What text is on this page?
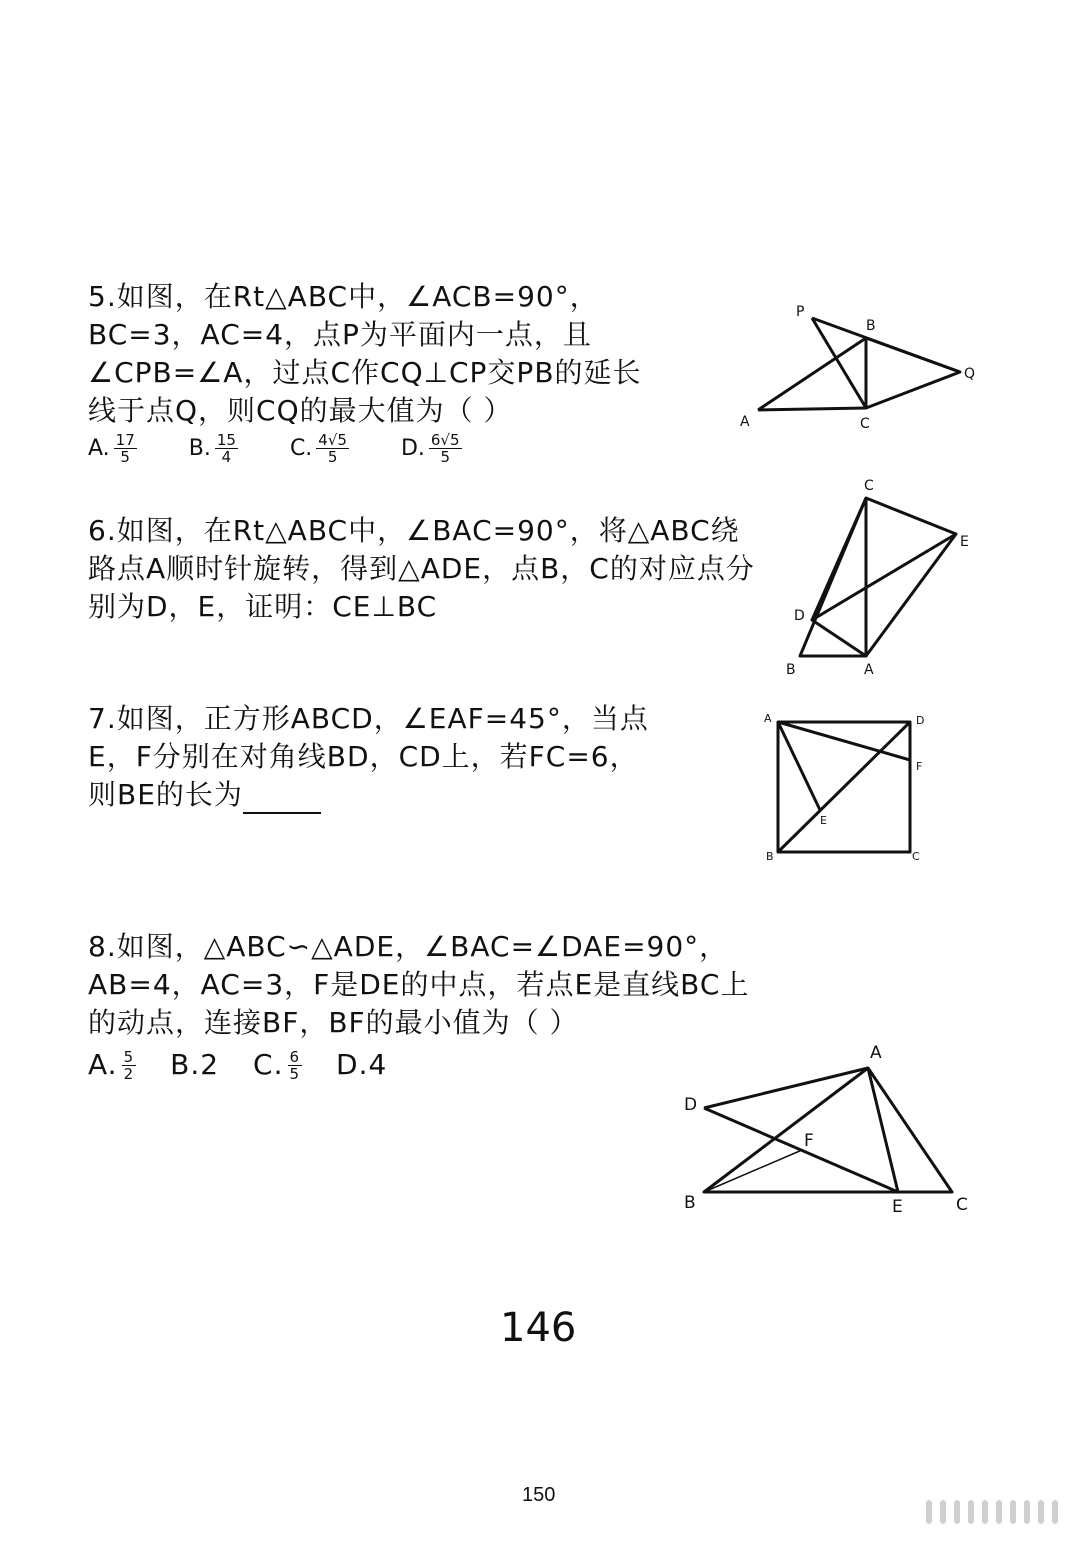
5.如图，在Rt△ABC中，∠ACB=90°，
BC=3，AC=4，点P为平面内一点，且
∠CPB=∠A，过点C作CQ⊥CP交PB的延长
线于点Q，则CQ的最大值为（ ）
A. $\frac{17}{5} B$. $\frac{15}{4} C$. $\frac{4√5}{5} D$. $\frac{6√5}{5}$
P
B
Q
A	C
6.如图，在Rt△ABC中，∠BAC=90°，将△ABC绕
路点A顺时针旋转，得到△ADE，点B，C的对应点分
别为D，E，证明：CE⊥BC
C
E
D
B	A
7.如图，正方形ABCD，∠EAF=45°，当点
E，F分别在对角线BD，CD上，若FC=6，
则BE的长为
A	D
F
E
B	C
8.如图，△ABC∽△ADE，∠BAC=∠DAE=90°，
AB=4，AC=3，F是DE的中点，若点E是直线BC上
的动点，连接BF，BF的最小值为（ ）
A. $\frac{5}{2} B.2$ C. $\frac{6}{5} D.4$	A
D
F
B	E	C
146
150
